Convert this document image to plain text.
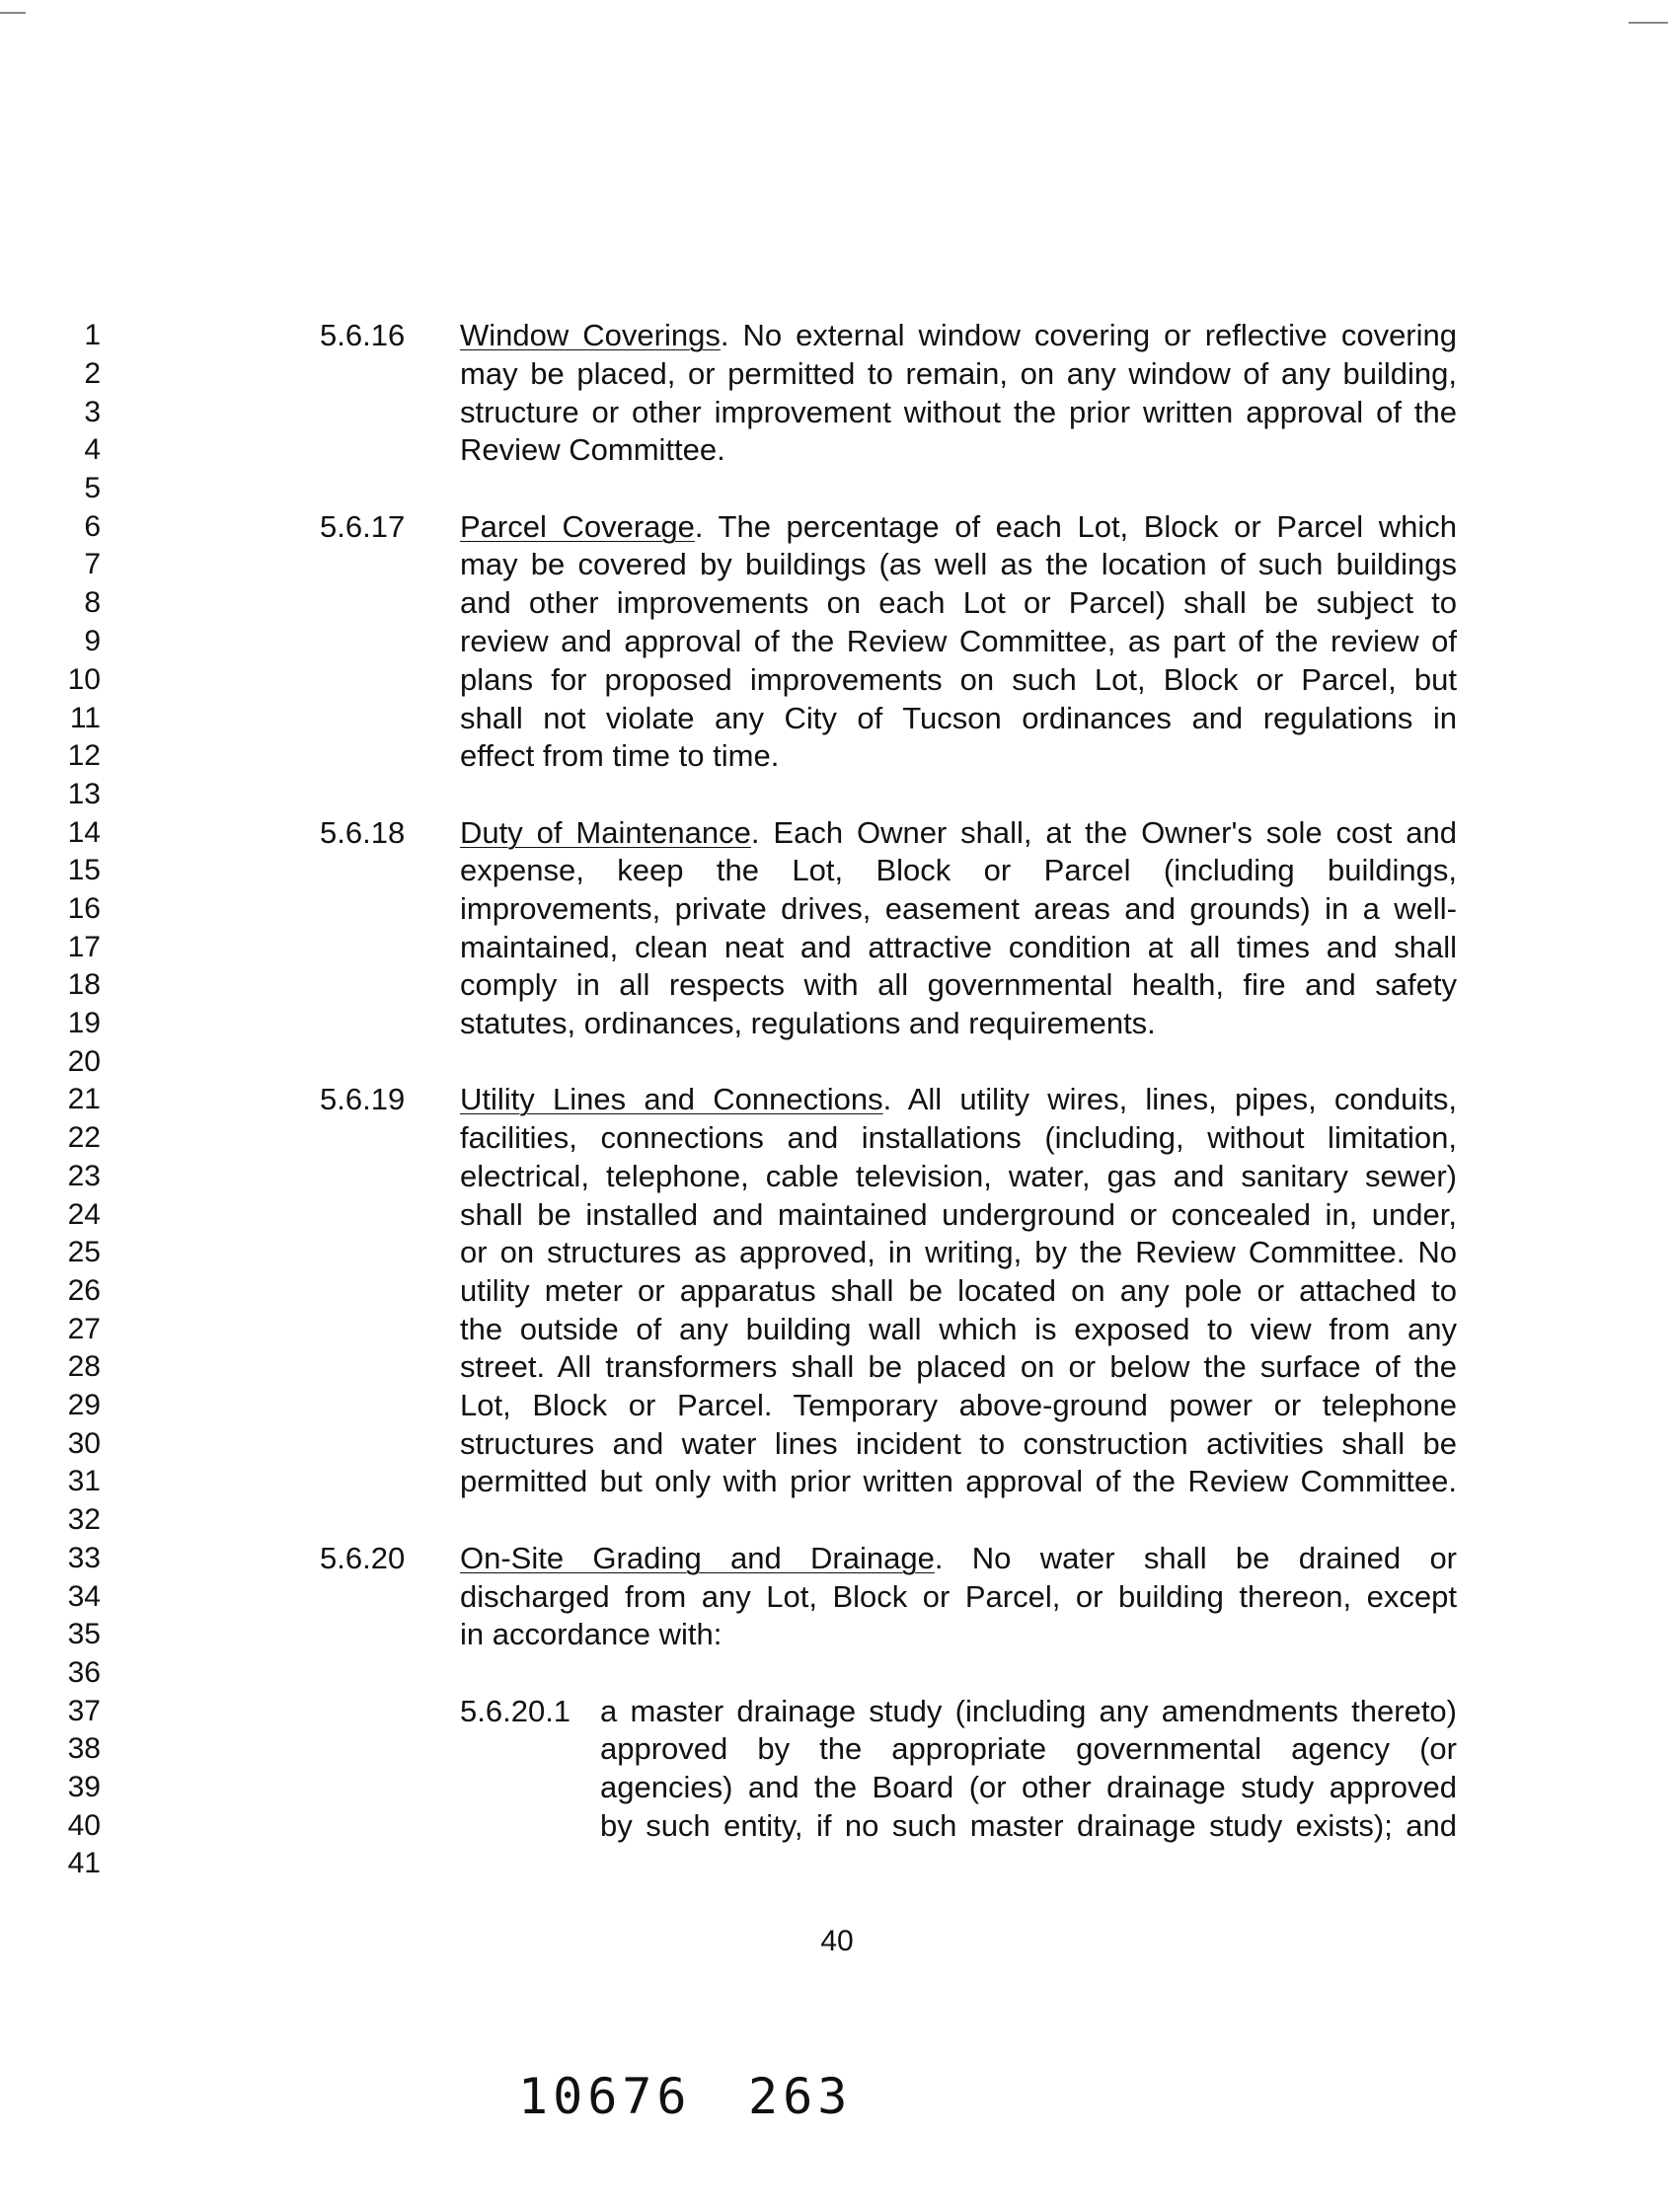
1
2
3
4
5
6
7
8
9
10
11
12
13
14
15
16
17
18
19
20
21
22
23
24
25
26
27
28
29
30
31
32
33
34
35
36
37
38
39
40
41
5.6.16 Window Coverings. No external window covering or reflective covering
may be placed, or permitted to remain, on any window of any building,
structure or other improvement without the prior written approval of the
Review Committee.
5.6.17 Parcel Coverage. The percentage of each Lot, Block or Parcel which
may be covered by buildings (as well as the location of such buildings
and other improvements on each Lot or Parcel) shall be subject to
review and approval of the Review Committee, as part of the review of
plans for proposed improvements on such Lot, Block or Parcel, but
shall not violate any City of Tucson ordinances and regulations in
effect from time to time.
5.6.18 Duty of Maintenance. Each Owner shall, at the Owner's sole cost and
expense, keep the Lot, Block or Parcel (including buildings,
improvements, private drives, easement areas and grounds) in a well-
maintained, clean neat and attractive condition at all times and shall
comply in all respects with all governmental health, fire and safety
statutes, ordinances, regulations and requirements.
5.6.19 Utility Lines and Connections. All utility wires, lines, pipes, conduits,
facilities, connections and installations (including, without limitation,
electrical, telephone, cable television, water, gas and sanitary sewer)
shall be installed and maintained underground or concealed in, under,
or on structures as approved, in writing, by the Review Committee. No
utility meter or apparatus shall be located on any pole or attached to
the outside of any building wall which is exposed to view from any
street. All transformers shall be placed on or below the surface of the
Lot, Block or Parcel. Temporary above-ground power or telephone
structures and water lines incident to construction activities shall be
permitted but only with prior written approval of the Review Committee.
5.6.20 On-Site Grading and Drainage. No water shall be drained or
discharged from any Lot, Block or Parcel, or building thereon, except
in accordance with:
5.6.20.1 a master drainage study (including any amendments thereto)
approved by the appropriate governmental agency (or
agencies) and the Board (or other drainage study approved
by such entity, if no such master drainage study exists); and
40
10676 263
